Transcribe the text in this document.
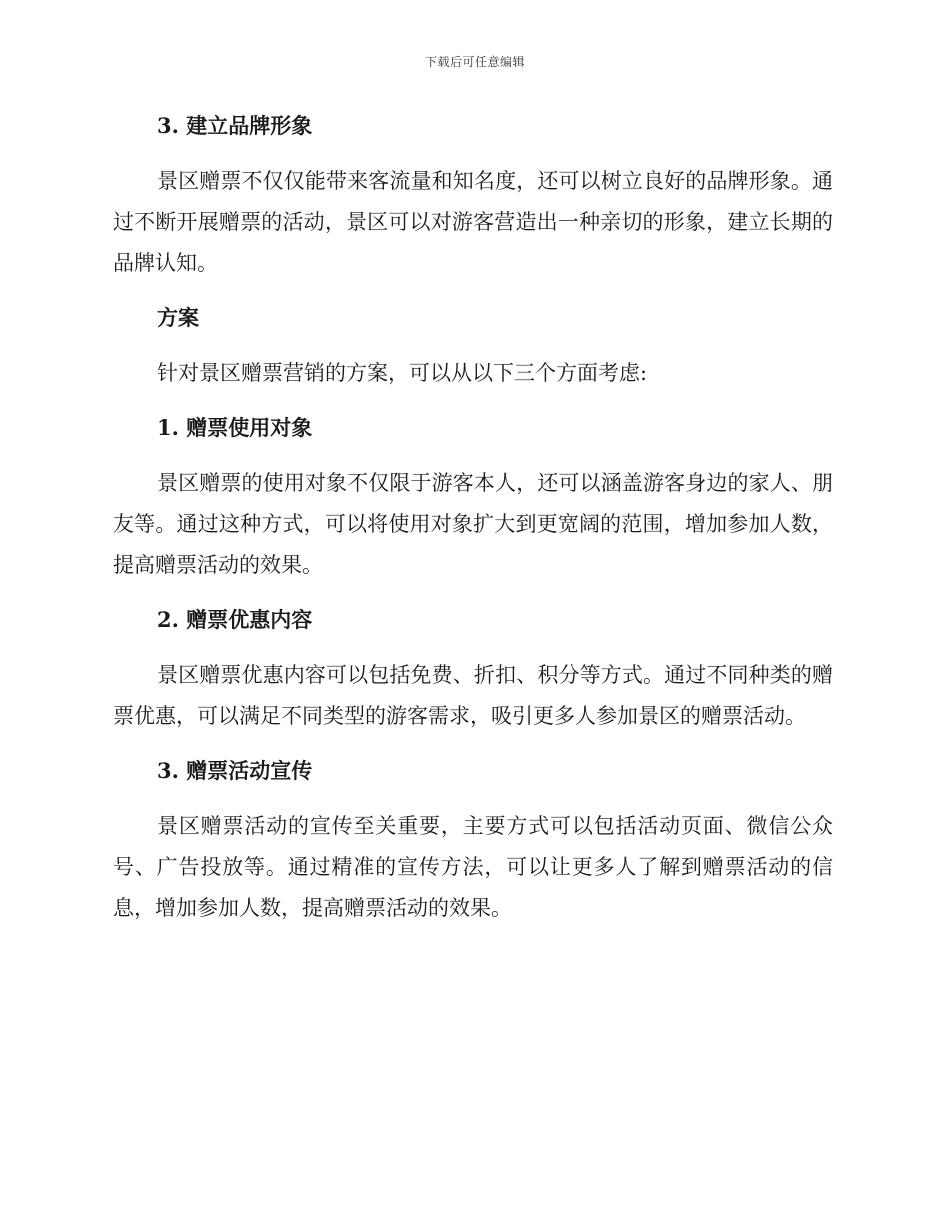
下载后可任意编辑
3. 建立品牌形象

景区赠票不仅仅能带来客流量和知名度，还可以树立良好的品牌形象。通过不断开展赠票的活动，景区可以对游客营造出一种亲切的形象，建立长期的品牌认知。

方案

针对景区赠票营销的方案，可以从以下三个方面考虑:

1. 赠票使用对象

景区赠票的使用对象不仅限于游客本人，还可以涵盖游客身边的家人、朋友等。通过这种方式，可以将使用对象扩大到更宽阔的范围，增加参加人数，提高赠票活动的效果。

2. 赠票优惠内容

景区赠票优惠内容可以包括免费、折扣、积分等方式。通过不同种类的赠票优惠，可以满足不同类型的游客需求，吸引更多人参加景区的赠票活动。

3. 赠票活动宣传

景区赠票活动的宣传至关重要，主要方式可以包括活动页面、微信公众号、广告投放等。通过精准的宣传方法，可以让更多人了解到赠票活动的信息，增加参加人数，提高赠票活动的效果。
